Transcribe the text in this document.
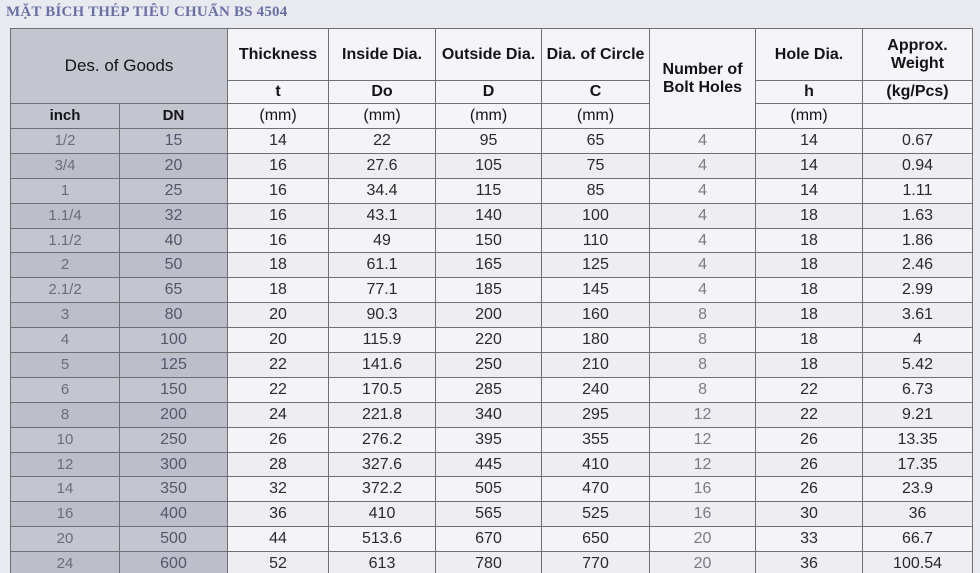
MẶT BÍCH THÉP TIÊU CHUẨN BS 4504
Des. of Goods		Thickness	Inside Dia.	Outside Dia.	Dia. of Circle	Number of Bolt Holes	Hole Dia.	Approx. Weight
		t	Do	D	C		h	(kg/Pcs)
inch	DN	(mm)	(mm)	(mm)	(mm)		(mm)	
1/2	15	14	22	95	65	4	14	0.67
3/4	20	16	27.6	105	75	4	14	0.94
1	25	16	34.4	115	85	4	14	1.11
1.1/4	32	16	43.1	140	100	4	18	1.63
1.1/2	40	16	49	150	110	4	18	1.86
2	50	18	61.1	165	125	4	18	2.46
2.1/2	65	18	77.1	185	145	4	18	2.99
3	80	20	90.3	200	160	8	18	3.61
4	100	20	115.9	220	180	8	18	4
5	125	22	141.6	250	210	8	18	5.42
6	150	22	170.5	285	240	8	22	6.73
8	200	24	221.8	340	295	12	22	9.21
10	250	26	276.2	395	355	12	26	13.35
12	300	28	327.6	445	410	12	26	17.35
14	350	32	372.2	505	470	16	26	23.9
16	400	36	410	565	525	16	30	36
20	500	44	513.6	670	650	20	33	66.7
24	600	52	613	780	770	20	36	100.54
